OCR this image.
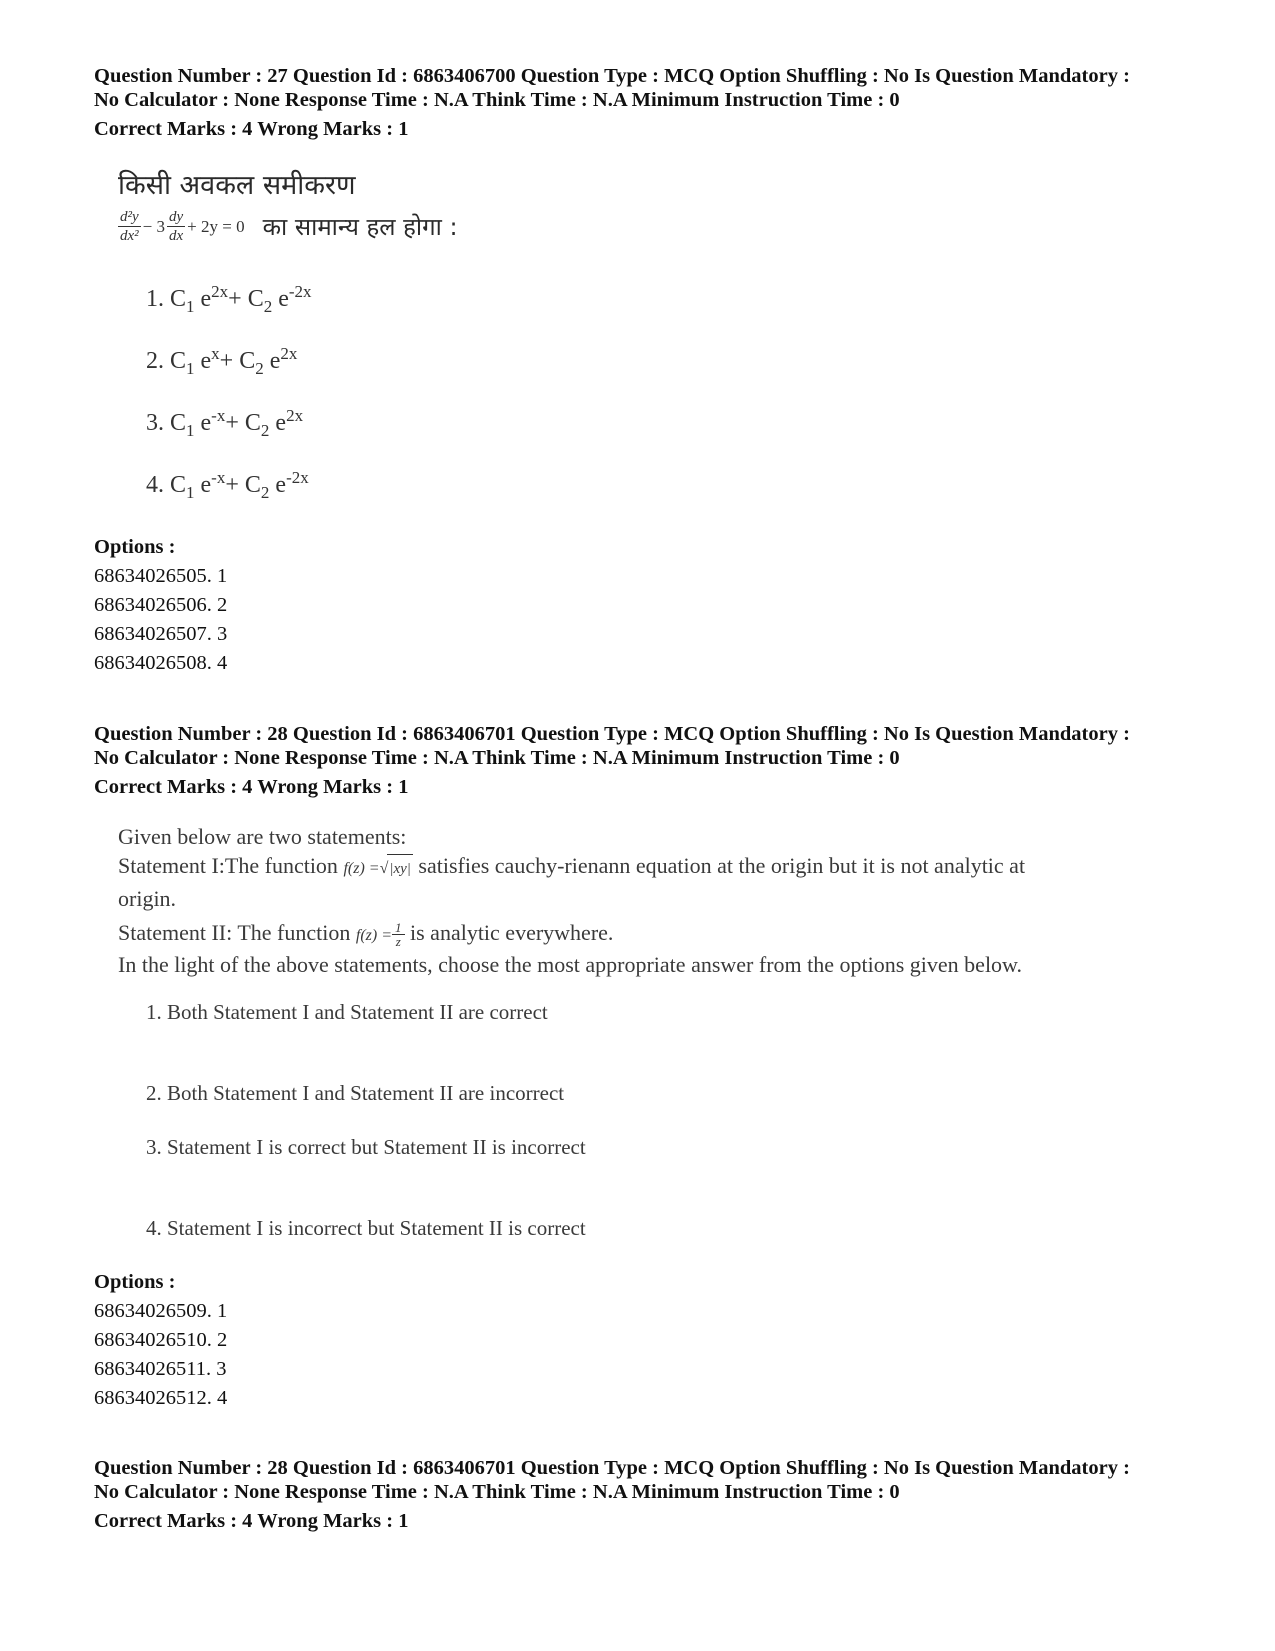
Question Number : 27 Question Id : 6863406700 Question Type : MCQ Option Shuffling : No Is Question Mandatory :
No Calculator : None Response Time : N.A Think Time : N.A Minimum Instruction Time : 0
Correct Marks : 4 Wrong Marks : 1
किसी अवकल समीकरण
$\frac{\text{d²y}}{\text{dx²}} - 3 \frac{dy}{dx} + 2y = 0$ का सामान्य हल होगा :
1. $C_1$ $e^{2x}+ C_2$ $e^{-2x}$
2. $C_1$ $e^x+ C_2$ $e^{2x}$
3. $C_1$ $e^{-x}+ C_2$ $e^{2x}$
4. $C_1$ $e^{-x}+ C_2$ $e^{-2x}$
Options :
68634026505. 1
68634026506. 2
68634026507. 3
68634026508. 4
Question Number : 28 Question Id : 6863406701 Question Type : MCQ Option Shuffling : No Is Question Mandatory :
No Calculator : None Response Time : N.A Think Time : N.A Minimum Instruction Time : 0
Correct Marks : 4 Wrong Marks : 1
Given below are two statements:
Statement I:The function f(z) =√|xy| satisfies cauchy-rienann equation at the origin but it is not analytic at
origin.
Statement II: The function $f(z) = \frac{1}{z}$ is analytic everywhere.
In the light of the above statements, choose the most appropriate answer from the options given below.
1. Both Statement I and Statement II are correct
2. Both Statement I and Statement II are incorrect
3. Statement I is correct but Statement II is incorrect
4. Statement I is incorrect but Statement II is correct
Options :
68634026509. 1
68634026510. 2
68634026511. 3
68634026512. 4
Question Number : 28 Question Id : 6863406701 Question Type : MCQ Option Shuffling : No Is Question Mandatory :
No Calculator : None Response Time : N.A Think Time : N.A Minimum Instruction Time : 0
Correct Marks : 4 Wrong Marks : 1
